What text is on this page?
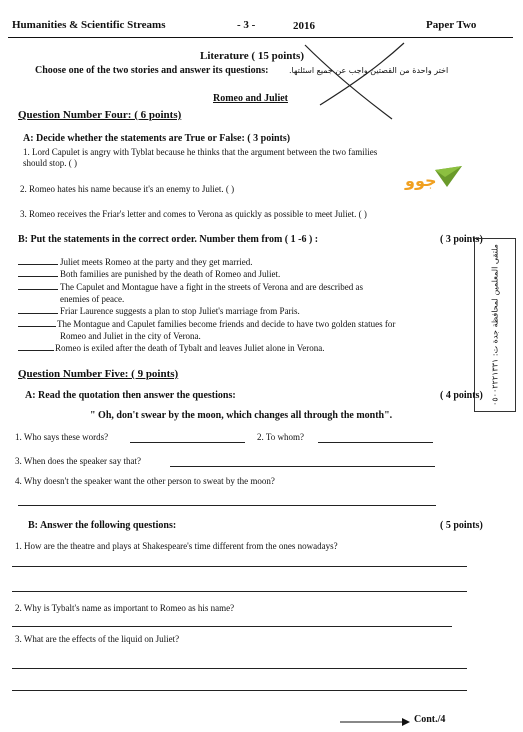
Humanities & Scientific Streams	- 3 -	2016	Paper Two
Literature ( 15 points)
Choose one of the two stories and answer its questions:	اختر واحدة من القصتين واجب عن جميع اسئلتها.
Romeo and Juliet
Question Number Four: ( 6 points)
A: Decide whether the statements are True or False: ( 3 points)
1. Lord Capulet is angry with Tyblat because he thinks that the argument between the two families
should stop. ( )
2. Romeo hates his name because it's an enemy to Juliet. ( )
3. Romeo receives the Friar's letter and comes to Verona as quickly as possible to meet Juliet. ( )
جوو
B: Put the statements in the correct order. Number them from ( 1 -6 ) :	( 3 points)
Juliet meets Romeo at the party and they get married.
Both families are punished by the death of Romeo and Juliet.
The Capulet and Montague have a fight in the streets of Verona and are described as
enemies of peace.
Friar Laurence suggests a plan to stop Juliet's marriage from Paris.
The Montague and Capulet families become friends and decide to have two golden statues for
Romeo and Juliet in the city of Verona.
Romeo is exiled after the death of Tybalt and leaves Juliet alone in Verona.
ملتقى المعلمين لمحافظة جدة ت: ٠٥٠٠٢٢٢١٣٣١
Question Number Five: ( 9 points)
A: Read the quotation then answer the questions:	( 4 points)
" Oh, don't swear by the moon, which changes all through the month".
1. Who says these words?	2. To whom?
3. When does the speaker say that?
4. Why doesn't the speaker want the other person to sweat by the moon?
B: Answer the following questions:	( 5 points)
1. How are the theatre and plays at Shakespeare's time different from the ones nowadays?
2. Why is Tybalt's name as important to Romeo as his name?
3. What are the effects of the liquid on Juliet?
Cont./4
